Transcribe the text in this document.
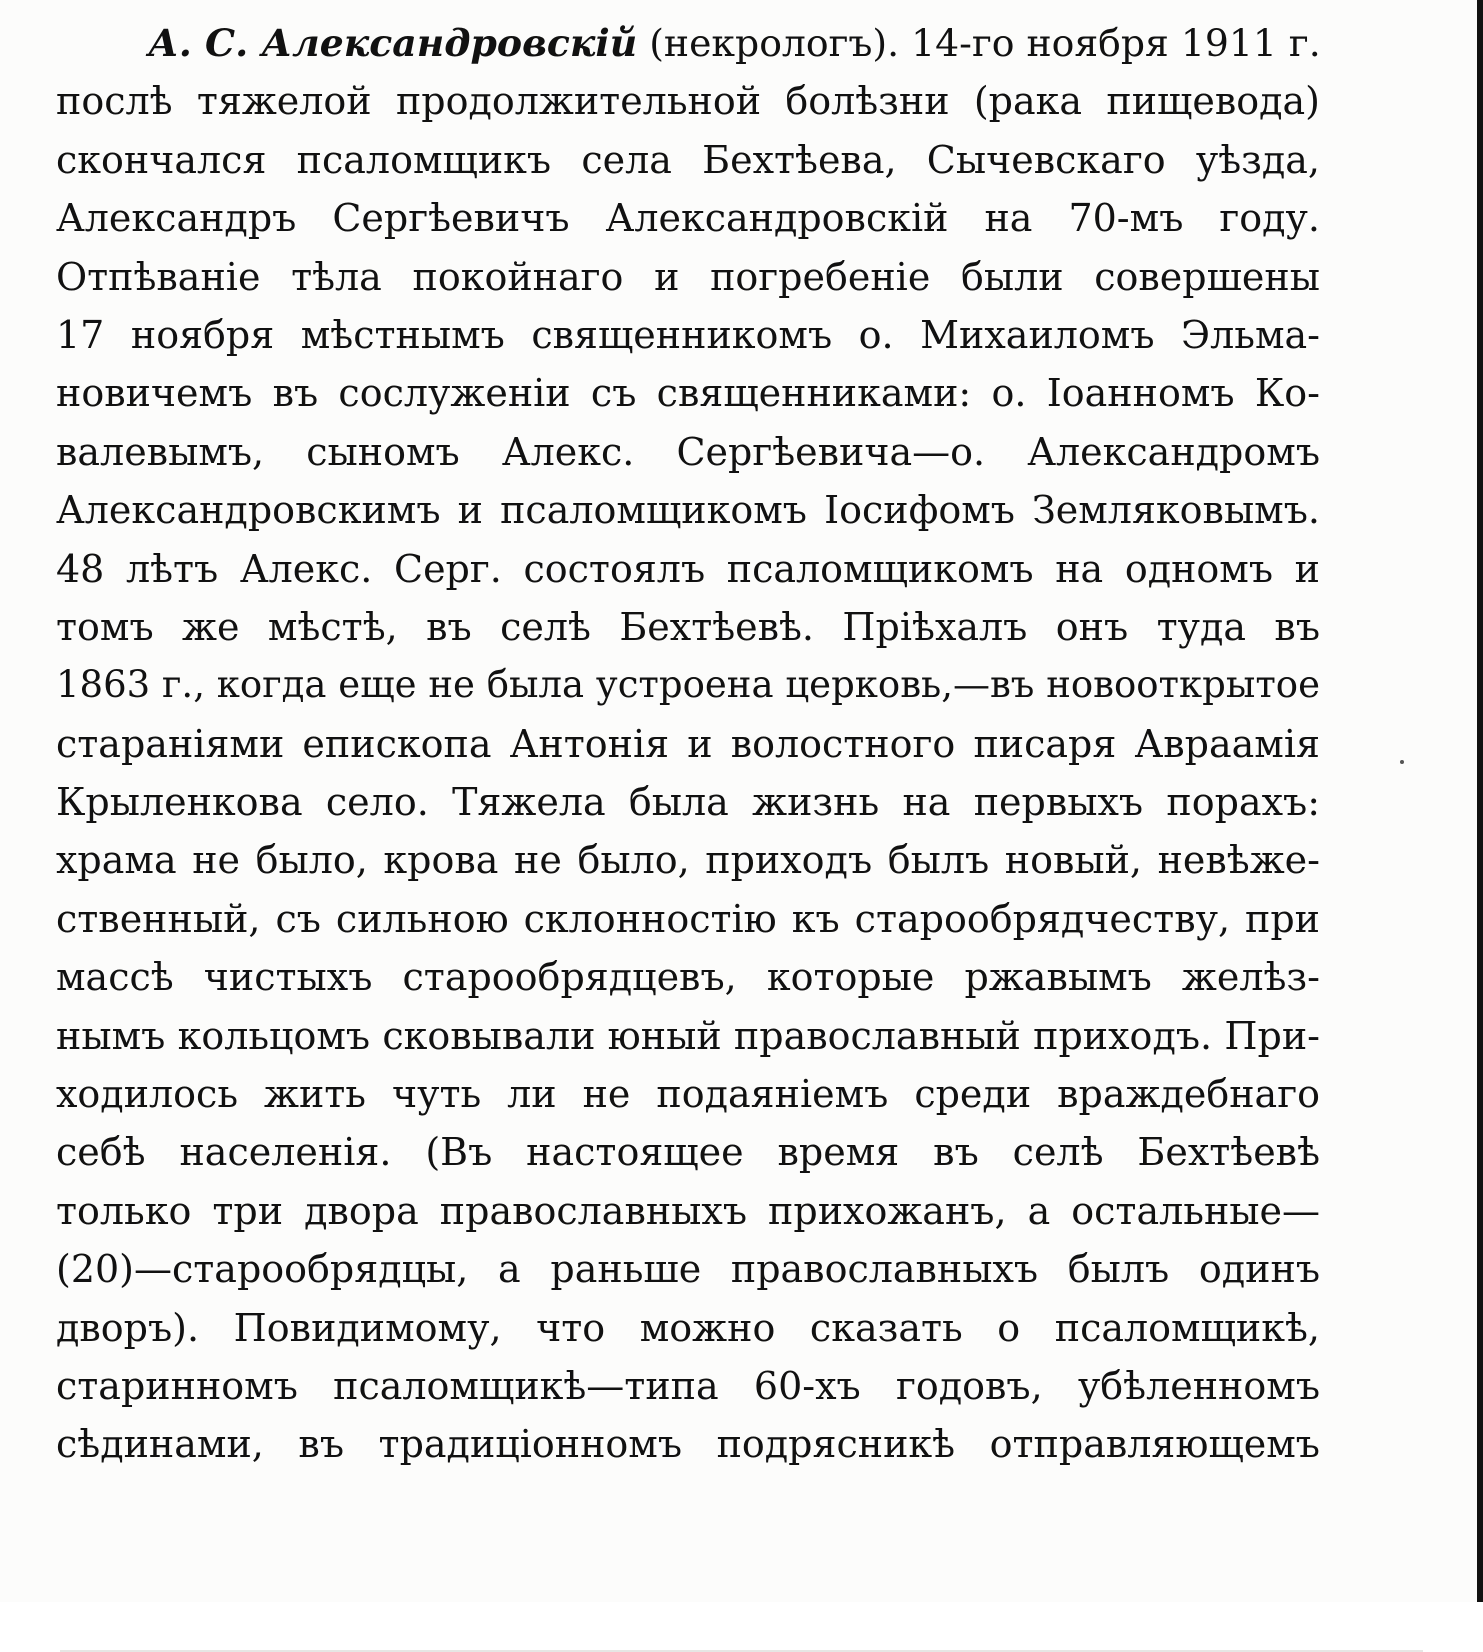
А. С. Александровскій (некрологъ). 14-го ноября 1911 г.
послѣ тяжелой продолжительной болѣзни (рака пищевода)
скончался псаломщикъ села Бехтѣева, Сычевскаго уѣзда,
Александръ Сергѣевичъ Александровскій на 70-мъ году.
Отпѣваніе тѣла покойнаго и погребеніе были совершены
17 ноября мѣстнымъ священникомъ о. Михаиломъ Эльма-
новичемъ въ сослуженіи съ священниками: о. Іоанномъ Ко-
валевымъ, сыномъ Алекс. Сергѣевича—о. Александромъ
Александровскимъ и псаломщикомъ Іосифомъ Земляковымъ.
48 лѣтъ Алекс. Серг. состоялъ псаломщикомъ на одномъ и
томъ же мѣстѣ, въ селѣ Бехтѣевѣ. Пріѣхалъ онъ туда въ
1863 г., когда еще не была устроена церковь,—въ новооткрытое
стараніями епископа Антонія и волостного писаря Авраамія
Крыленкова село. Тяжела была жизнь на первыхъ порахъ:
храма не было, крова не было, приходъ былъ новый, невѣже-
ственный, съ сильною склонностію къ старообрядчеству, при
массѣ чистыхъ старообрядцевъ, которые ржавымъ желѣз-
нымъ кольцомъ сковывали юный православный приходъ. При-
ходилось жить чуть ли не подаяніемъ среди враждебнаго
себѣ населенія. (Въ настоящее время въ селѣ Бехтѣевѣ
только три двора православныхъ прихожанъ, а остальные—
(20)—старообрядцы, а раньше православныхъ былъ одинъ
дворъ). Повидимому, что можно сказать о псаломщикѣ,
старинномъ псаломщикѣ—типа 60-хъ годовъ, убѣленномъ
сѣдинами, въ традиціонномъ подрясникѣ отправляющемъ
